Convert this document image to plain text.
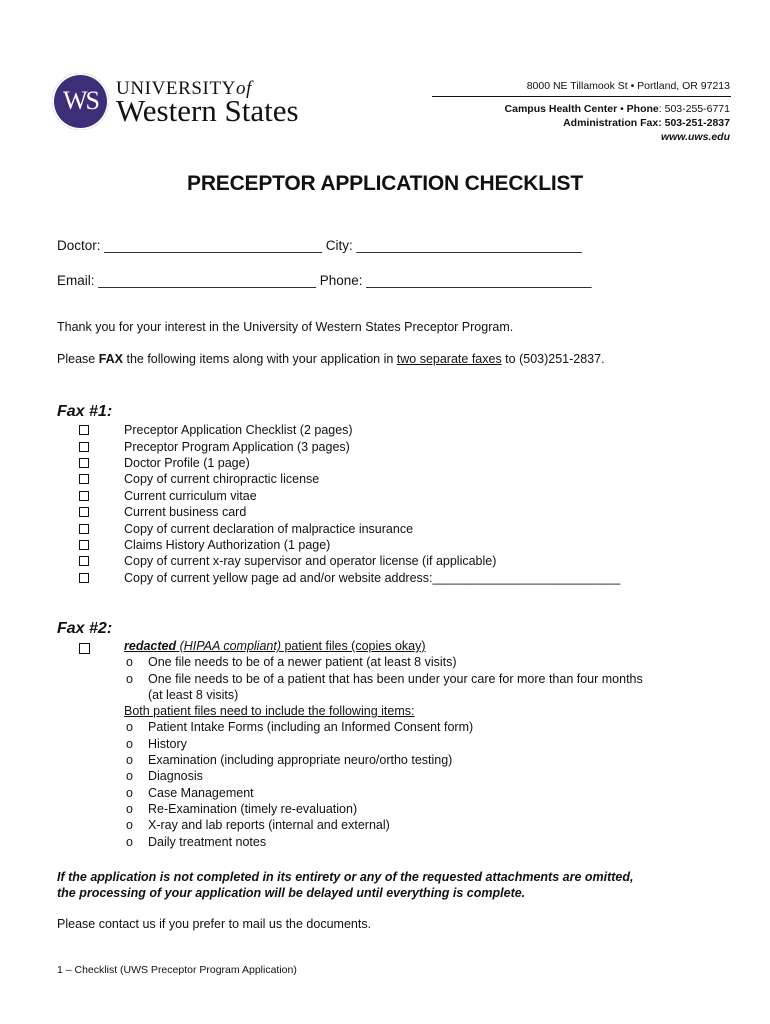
WS UNIVERSITYof
Western States
8000 NE Tillamook St • Portland, OR 97213
Campus Health Center • Phone: 503-255-6771
Administration Fax: 503-251-2837
www.uws.edu
PRECEPTOR APPLICATION CHECKLIST
Doctor: _____________________________ City: ______________________________
Email: _____________________________ Phone: ______________________________
Thank you for your interest in the University of Western States Preceptor Program.
Please FAX the following items along with your application in two separate faxes to (503)251-2837.
Fax #1:
Preceptor Application Checklist (2 pages)
Preceptor Program Application (3 pages)
Doctor Profile (1 page)
Copy of current chiropractic license
Current curriculum vitae
Current business card
Copy of current declaration of malpractice insurance
Claims History Authorization (1 page)
Copy of current x-ray supervisor and operator license (if applicable)
Copy of current yellow page ad and/or website address:___________________________
Fax #2:
redacted (HIPAA compliant) patient files (copies okay)
o	One file needs to be of a newer patient (at least 8 visits)
o	One file needs to be of a patient that has been under your care for more than four months
(at least 8 visits)
Both patient files need to include the following items:
o	Patient Intake Forms (including an Informed Consent form)
o	History
o	Examination (including appropriate neuro/ortho testing)
o	Diagnosis
o	Case Management
o	Re-Examination (timely re-evaluation)
o	X-ray and lab reports (internal and external)
o	Daily treatment notes
If the application is not completed in its entirety or any of the requested attachments are omitted,
the processing of your application will be delayed until everything is complete.
Please contact us if you prefer to mail us the documents.
1 – Checklist (UWS Preceptor Program Application)
